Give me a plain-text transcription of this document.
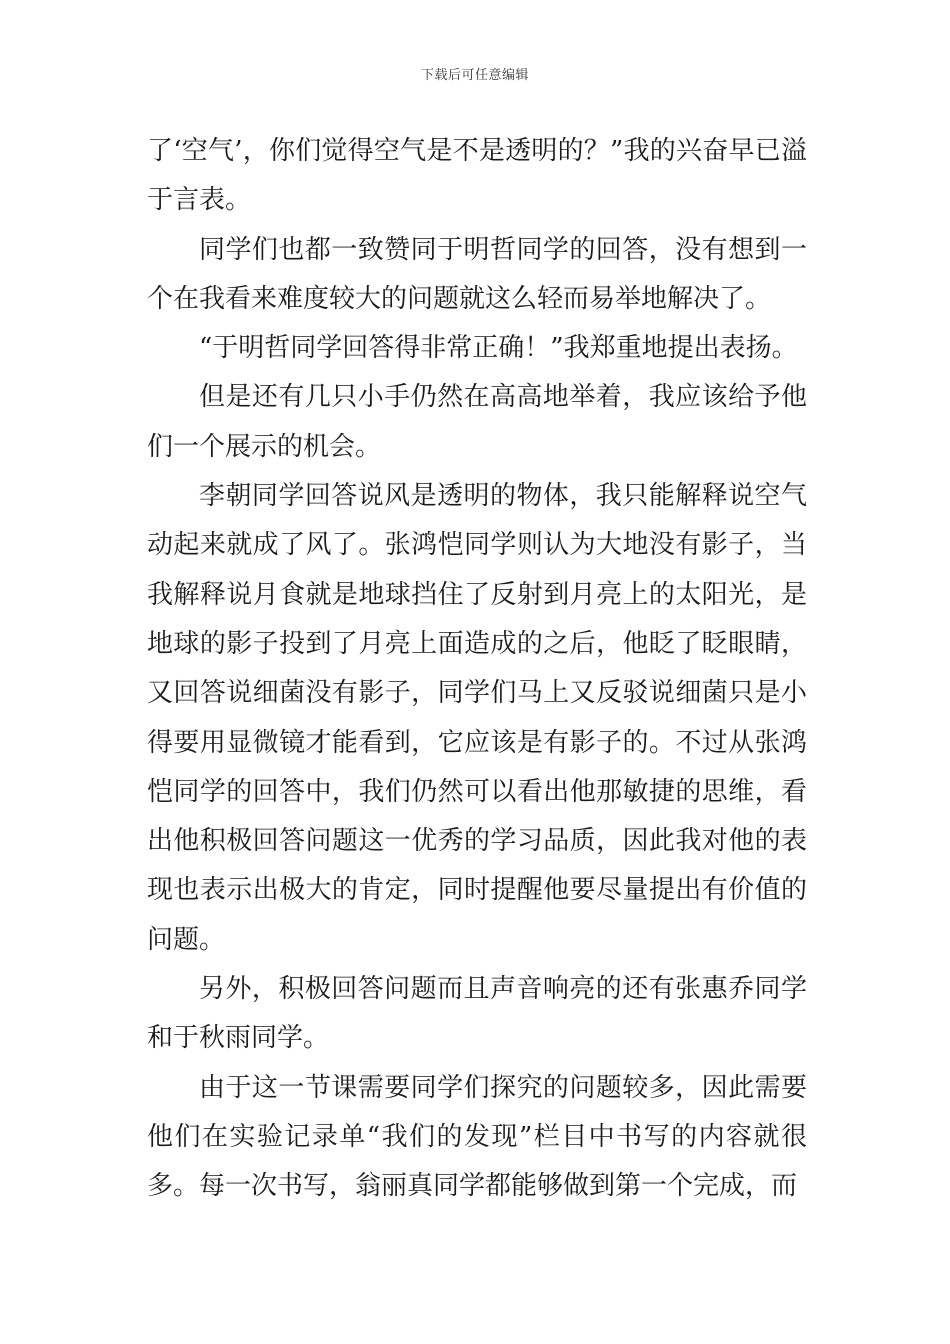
下载后可任意编辑

了‘空气’，你们觉得空气是不是透明的？”我的兴奋早已溢于言表。

同学们也都一致赞同于明哲同学的回答，没有想到一个在我看来难度较大的问题就这么轻而易举地解决了。

“于明哲同学回答得非常正确！”我郑重地提出表扬。

但是还有几只小手仍然在高高地举着，我应该给予他们一个展示的机会。

李朝同学回答说风是透明的物体，我只能解释说空气动起来就成了风了。张鸿恺同学则认为大地没有影子，当我解释说月食就是地球挡住了反射到月亮上的太阳光，是地球的影子投到了月亮上面造成的之后，他眨了眨眼睛，又回答说细菌没有影子，同学们马上又反驳说细菌只是小得要用显微镜才能看到，它应该是有影子的。不过从张鸿恺同学的回答中，我们仍然可以看出他那敏捷的思维，看出他积极回答问题这一优秀的学习品质，因此我对他的表现也表示出极大的肯定，同时提醒他要尽量提出有价值的问题。

另外，积极回答问题而且声音响亮的还有张惠乔同学和于秋雨同学。

由于这一节课需要同学们探究的问题较多，因此需要他们在实验记录单“我们的发现”栏目中书写的内容就很多。每一次书写，翁丽真同学都能够做到第一个完成，而
